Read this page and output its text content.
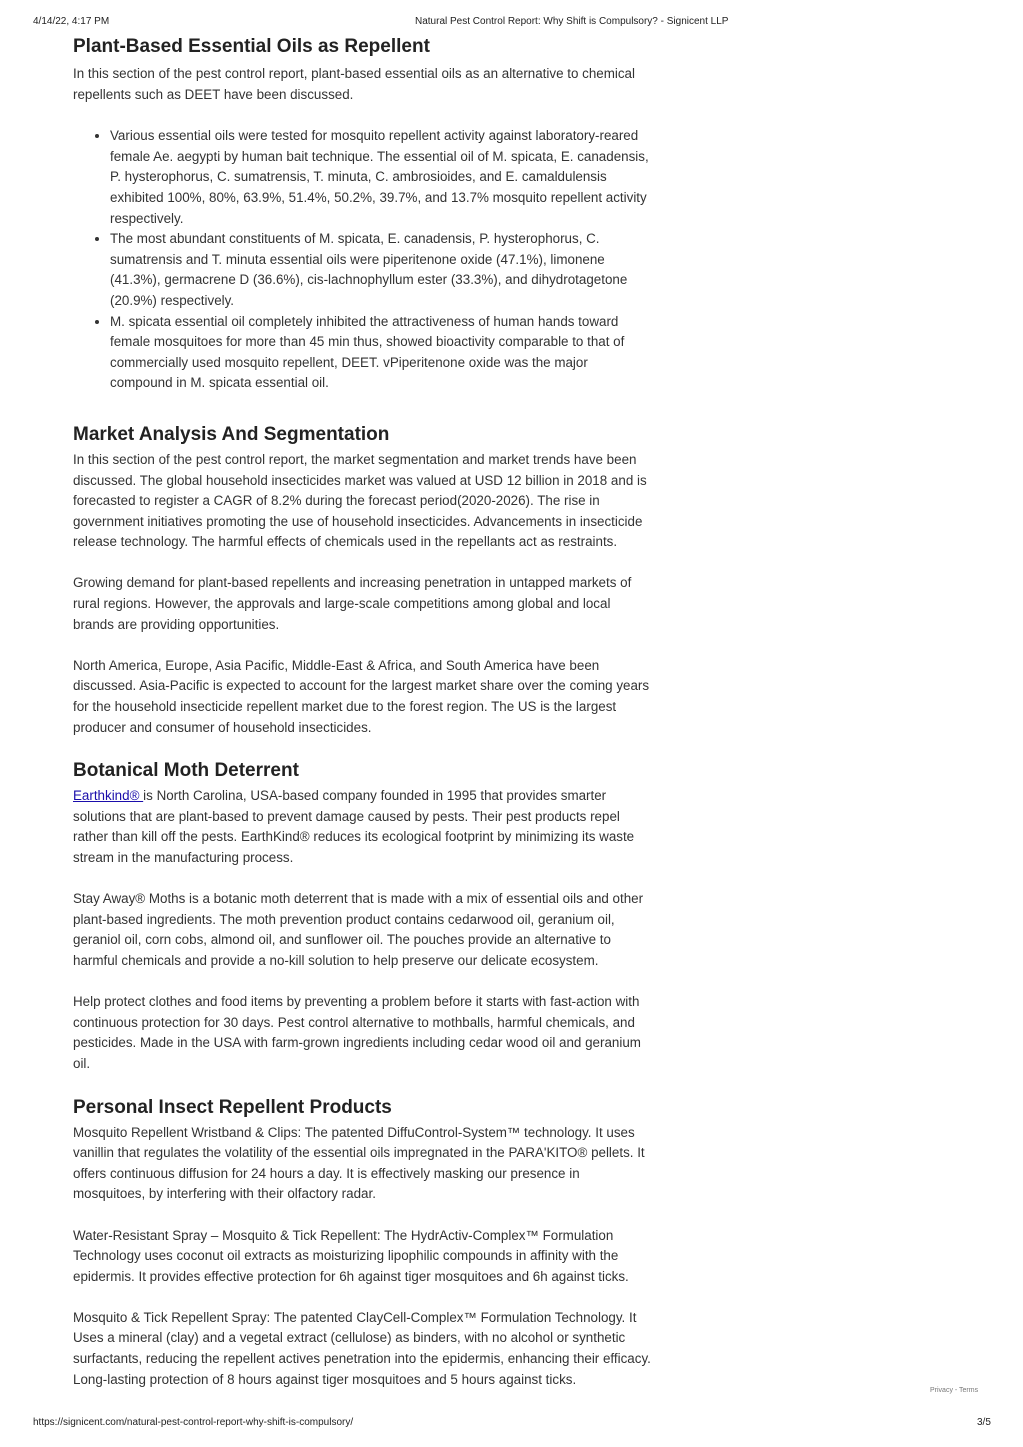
4/14/22, 4:17 PM	Natural Pest Control Report: Why Shift is Compulsory? - Signicent LLP
Plant-Based Essential Oils as Repellent

In this section of the pest control report, plant-based essential oils as an alternative to chemical repellents such as DEET have been discussed.

• Various essential oils were tested for mosquito repellent activity against laboratory-reared female Ae. aegypti by human bait technique. The essential oil of M. spicata, E. canadensis, P. hysterophorus, C. sumatrensis, T. minuta, C. ambrosioides, and E. camaldulensis exhibited 100%, 80%, 63.9%, 51.4%, 50.2%, 39.7%, and 13.7% mosquito repellent activity respectively.
• The most abundant constituents of M. spicata, E. canadensis, P. hysterophorus, C. sumatrensis and T. minuta essential oils were piperitenone oxide (47.1%), limonene (41.3%), germacrene D (36.6%), cis-lachnophyllum ester (33.3%), and dihydrotagetone (20.9%) respectively.
• M. spicata essential oil completely inhibited the attractiveness of human hands toward female mosquitoes for more than 45 min thus, showed bioactivity comparable to that of commercially used mosquito repellent, DEET. vPiperitenone oxide was the major compound in M. spicata essential oil.
Market Analysis And Segmentation

In this section of the pest control report, the market segmentation and market trends have been discussed. The global household insecticides market was valued at USD 12 billion in 2018 and is forecasted to register a CAGR of 8.2% during the forecast period(2020-2026). The rise in government initiatives promoting the use of household insecticides. Advancements in insecticide release technology. The harmful effects of chemicals used in the repellants act as restraints.

Growing demand for plant-based repellents and increasing penetration in untapped markets of rural regions. However, the approvals and large-scale competitions among global and local brands are providing opportunities.

North America, Europe, Asia Pacific, Middle-East & Africa, and South America have been discussed. Asia-Pacific is expected to account for the largest market share over the coming years for the household insecticide repellent market due to the forest region. The US is the largest producer and consumer of household insecticides.

Botanical Moth Deterrent

Earthkind® is North Carolina, USA-based company founded in 1995 that provides smarter solutions that are plant-based to prevent damage caused by pests. Their pest products repel rather than kill off the pests. EarthKind® reduces its ecological footprint by minimizing its waste stream in the manufacturing process.

Stay Away® Moths is a botanic moth deterrent that is made with a mix of essential oils and other plant-based ingredients. The moth prevention product contains cedarwood oil, geranium oil, geraniol oil, corn cobs, almond oil, and sunflower oil. The pouches provide an alternative to harmful chemicals and provide a no-kill solution to help preserve our delicate ecosystem.

Help protect clothes and food items by preventing a problem before it starts with fast-action with continuous protection for 30 days. Pest control alternative to mothballs, harmful chemicals, and pesticides. Made in the USA with farm-grown ingredients including cedar wood oil and geranium oil.

Personal Insect Repellent Products

Mosquito Repellent Wristband & Clips: The patented DiffuControl-System™ technology. It uses vanillin that regulates the volatility of the essential oils impregnated in the PARA'KITO® pellets. It offers continuous diffusion for 24 hours a day. It is effectively masking our presence in mosquitoes, by interfering with their olfactory radar.

Water-Resistant Spray – Mosquito & Tick Repellent: The HydrActiv-Complex™ Formulation Technology uses coconut oil extracts as moisturizing lipophilic compounds in affinity with the epidermis. It provides effective protection for 6h against tiger mosquitoes and 6h against ticks.

Mosquito & Tick Repellent Spray: The patented ClayCell-Complex™ Formulation Technology. It Uses a mineral (clay) and a vegetal extract (cellulose) as binders, with no alcohol or synthetic surfactants, reducing the repellent actives penetration into the epidermis, enhancing their efficacy. Long-lasting protection of 8 hours against tiger mosquitoes and 5 hours against ticks.

Privacy - Terms
https://signicent.com/natural-pest-control-report-why-shift-is-compulsory/	3/5
